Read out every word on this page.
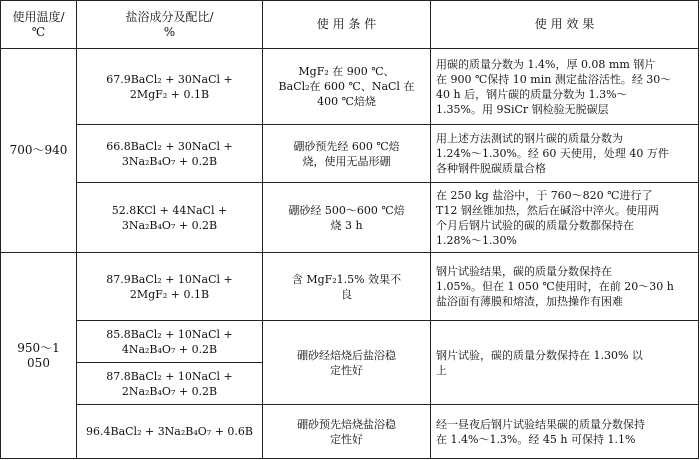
使用温度/
℃	盐浴成分及配比/
%	使 用 条 件	使 用 效 果
700～940	67.9BaCl₂ + 30NaCl +
2MgF₂ + 0.1B	MgF₂ 在 900 ℃、
BaCl₂在 600 ℃、NaCl 在
400 ℃焙烧	用碳的质量分数为 1.4%，厚 0.08 mm 钢片
在 900 ℃保持 10 min 测定盐浴活性。经 30～
40 h 后，钢片碳的质量分数为 1.3%～
1.35%。用 9SiCr 钢检验无脱碳层

	66.8BaCl₂ + 30NaCl +
3Na₂B₄O₇ + 0.2B	硼砂预先经 600 ℃焙
烧，使用无晶形硼	用上述方法测试的钢片碳的质量分数为
1.24%～1.30%。经 60 天使用，处理 40 万件
各种钢件脱碳质量合格

	52.8KCl + 44NaCl +
3Na₂B₄O₇ + 0.2B	硼砂经 500～600 ℃焙
烧 3 h	在 250 kg 盐浴中，于 760～820 ℃进行了
T12 钢丝锥加热，然后在碱浴中淬火。使用两
个月后钢片试验的碳的质量分数都保持在
1.28%～1.30%

950～1 050	87.9BaCl₂ + 10NaCl +
2MgF₂ + 0.1B	含 MgF₂1.5% 效果不
良	钢片试验结果，碳的质量分数保持在
1.05%。但在 1 050 ℃使用时，在前 20～30 h
盐浴面有薄膜和熔渣，加热操作有困难

	85.8BaCl₂ + 10NaCl +
4Na₂B₄O₇ + 0.2B	硼砂经焙烧后盐浴稳
定性好	钢片试验，碳的质量分数保持在 1.30% 以
上

	87.8BaCl₂ + 10NaCl +
2Na₂B₄O₇ + 0.2B		

	96.4BaCl₂ + 3Na₂B₄O₇ + 0.6B	硼砂预先焙烧盐浴稳
定性好	经一昼夜后钢片试验结果碳的质量分数保持
在 1.4%～1.3%。经 45 h 可保持 1.1%
